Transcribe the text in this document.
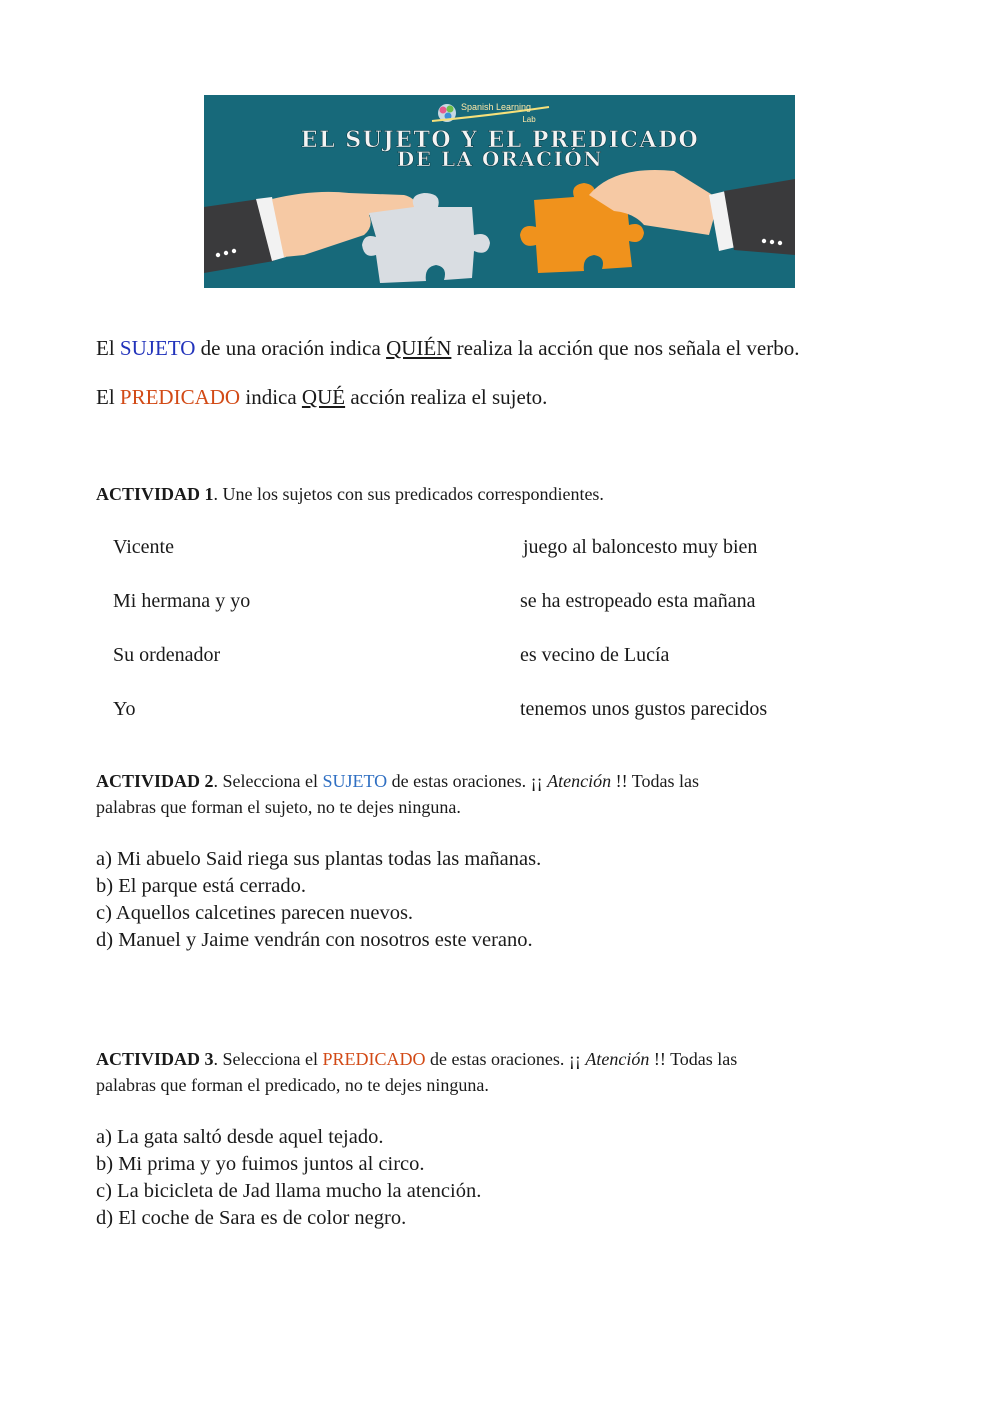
Spanish Learning
Lab
EL SUJETO Y EL PREDICADO
DE LA ORACIÓN
El SUJETO de una oración indica QUIÉN realiza la acción que nos señala el verbo.
El PREDICADO indica QUÉ acción realiza el sujeto.
ACTIVIDAD 1. Une los sujetos con sus predicados correspondientes.
Vicente
Mi hermana y yo
Su ordenador
Yo
juego al baloncesto muy bien
se ha estropeado esta mañana
es vecino de Lucía
tenemos unos gustos parecidos
ACTIVIDAD 2. Selecciona el SUJETO de estas oraciones. ¡¡ Atención !! Todas las
palabras que forman el sujeto, no te dejes ninguna.
a) Mi abuelo Said riega sus plantas todas las mañanas.
b) El parque está cerrado.
c) Aquellos calcetines parecen nuevos.
d) Manuel y Jaime vendrán con nosotros este verano.
ACTIVIDAD 3. Selecciona el PREDICADO de estas oraciones. ¡¡ Atención !! Todas las
palabras que forman el predicado, no te dejes ninguna.
a) La gata saltó desde aquel tejado.
b) Mi prima y yo fuimos juntos al circo.
c) La bicicleta de Jad llama mucho la atención.
d) El coche de Sara es de color negro.
